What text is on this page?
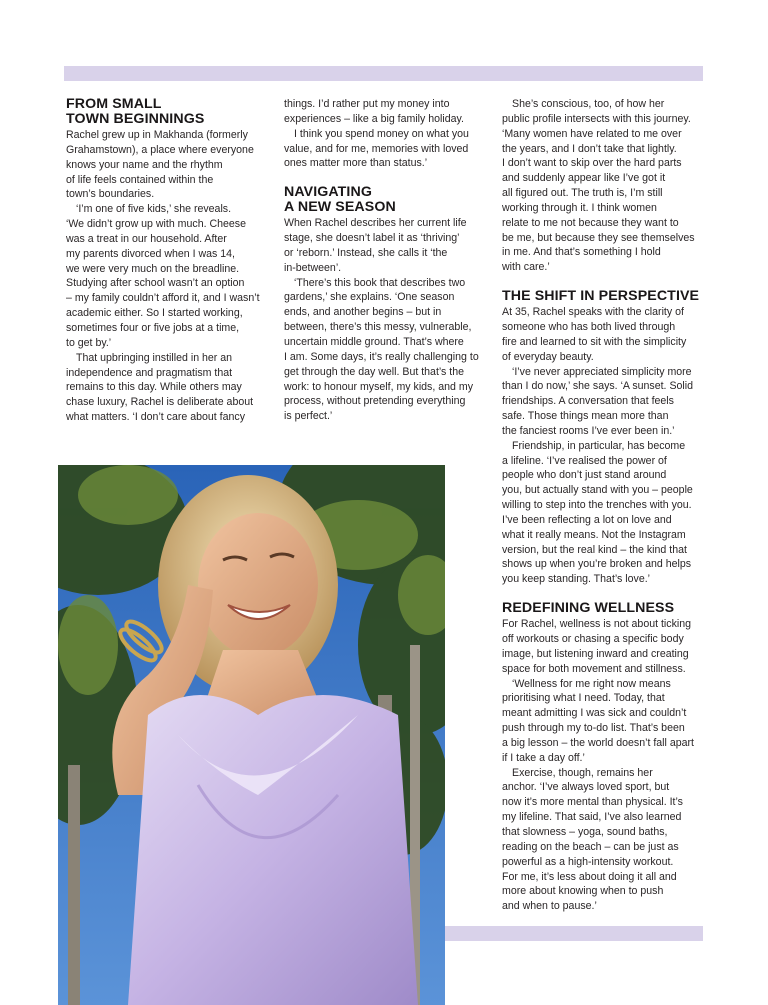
FROM SMALL
TOWN BEGINNINGS

Rachel grew up in Makhanda (formerly
Grahamstown), a place where everyone
knows your name and the rhythm
of life feels contained within the
town’s boundaries.

‘I’m one of five kids,’ she reveals.
‘We didn’t grow up with much. Cheese
was a treat in our household. After
my parents divorced when I was 14,
we were very much on the breadline.
Studying after school wasn’t an option
– my family couldn’t afford it, and I wasn’t
academic either. So I started working,
sometimes four or five jobs at a time,
to get by.’

That upbringing instilled in her an
independence and pragmatism that
remains to this day. While others may
chase luxury, Rachel is deliberate about
what matters. ‘I don’t care about fancy

things. I’d rather put my money into
experiences – like a big family holiday.

I think you spend money on what you
value, and for me, memories with loved
ones matter more than status.’

NAVIGATING
A NEW SEASON

When Rachel describes her current life
stage, she doesn’t label it as ‘thriving’
or ‘reborn.’ Instead, she calls it ‘the
in-between’.

‘There’s this book that describes two
gardens,’ she explains. ‘One season
ends, and another begins – but in
between, there’s this messy, vulnerable,
uncertain middle ground. That’s where
I am. Some days, it’s really challenging to
get through the day well. But that’s the
work: to honour myself, my kids, and my
process, without pretending everything
is perfect.’

She’s conscious, too, of how her
public profile intersects with this journey.
‘Many women have related to me over
the years, and I don’t take that lightly.
I don’t want to skip over the hard parts
and suddenly appear like I’ve got it
all figured out. The truth is, I’m still
working through it. I think women
relate to me not because they want to
be me, but because they see themselves
in me. And that’s something I hold
with care.’

THE SHIFT IN PERSPECTIVE

At 35, Rachel speaks with the clarity of
someone who has both lived through
fire and learned to sit with the simplicity
of everyday beauty.

‘I’ve never appreciated simplicity more
than I do now,’ she says. ‘A sunset. Solid
friendships. A conversation that feels
safe. Those things mean more than
the fanciest rooms I’ve ever been in.’

Friendship, in particular, has become
a lifeline. ‘I’ve realised the power of
people who don’t just stand around
you, but actually stand with you – people
willing to step into the trenches with you.
I’ve been reflecting a lot on love and
what it really means. Not the Instagram
version, but the real kind – the kind that
shows up when you’re broken and helps
you keep standing. That’s love.’

REDEFINING WELLNESS

For Rachel, wellness is not about ticking
off workouts or chasing a specific body
image, but listening inward and creating
space for both movement and stillness.

‘Wellness for me right now means
prioritising what I need. Today, that
meant admitting I was sick and couldn’t
push through my to-do list. That’s been
a big lesson – the world doesn’t fall apart
if I take a day off.’

Exercise, though, remains her
anchor. ‘I’ve always loved sport, but
now it’s more mental than physical. It’s
my lifeline. That said, I’ve also learned
that slowness – yoga, sound baths,
reading on the beach – can be just as
powerful as a high-intensity workout.
For me, it’s less about doing it all and
more about knowing when to push
and when to pause.’
